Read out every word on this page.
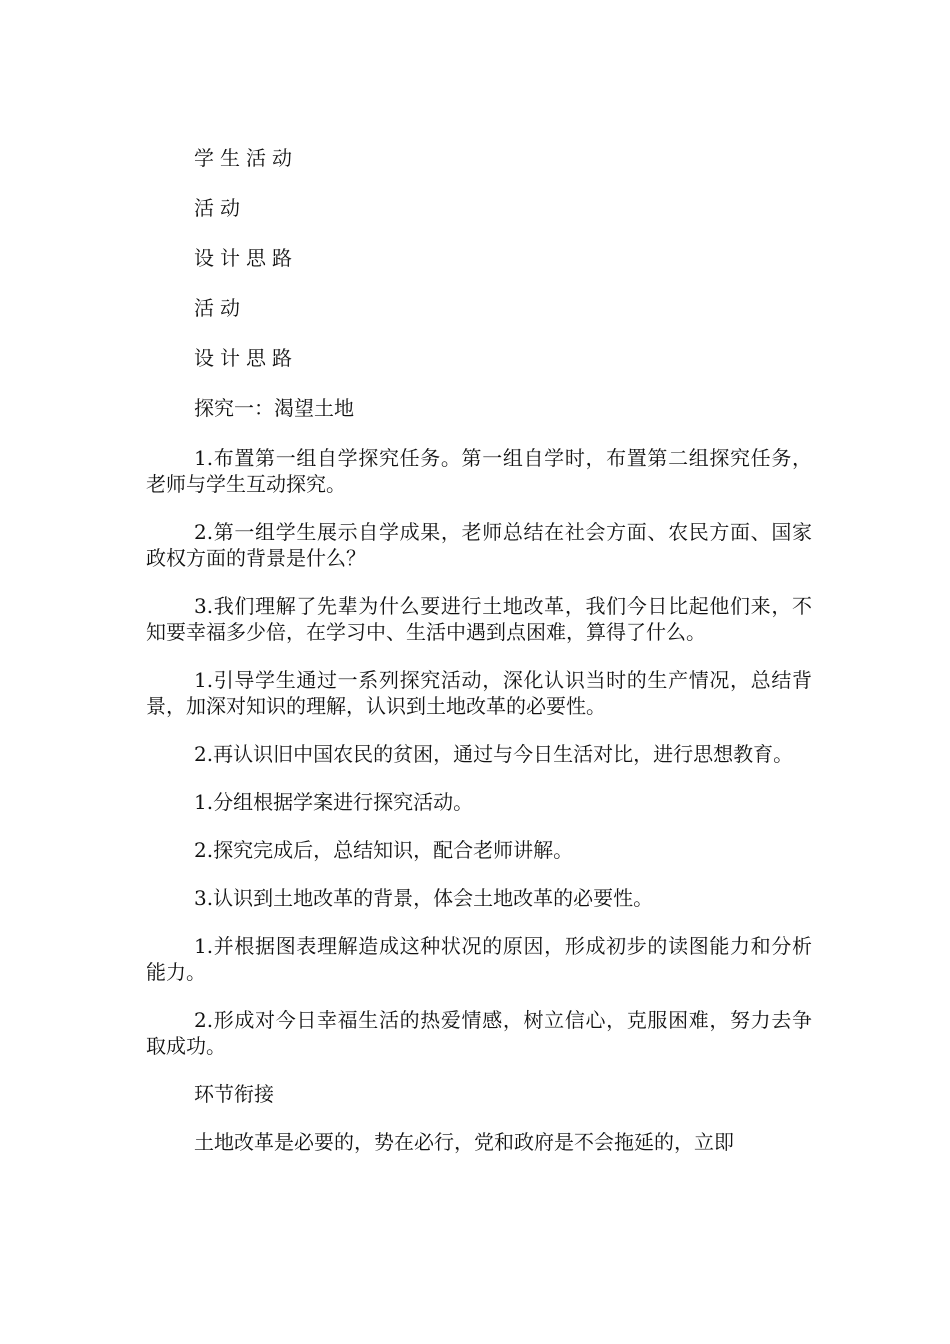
学生活动

活动

设计思路

活动

设计思路

探究一：渴望土地

1.布置第一组自学探究任务。第一组自学时，布置第二组探究任务，老师与学生互动探究。

2.第一组学生展示自学成果，老师总结在社会方面、农民方面、国家政权方面的背景是什么？

3.我们理解了先辈为什么要进行土地改革，我们今日比起他们来，不知要幸福多少倍，在学习中、生活中遇到点困难，算得了什么。

1.引导学生通过一系列探究活动，深化认识当时的生产情况，总结背景，加深对知识的理解，认识到土地改革的必要性。

2.再认识旧中国农民的贫困，通过与今日生活对比，进行思想教育。

1.分组根据学案进行探究活动。

2.探究完成后，总结知识，配合老师讲解。

3.认识到土地改革的背景，体会土地改革的必要性。

1.并根据图表理解造成这种状况的原因，形成初步的读图能力和分析能力。

2.形成对今日幸福生活的热爱情感，树立信心，克服困难，努力去争取成功。

环节衔接

土地改革是必要的，势在必行，党和政府是不会拖延的，立即
